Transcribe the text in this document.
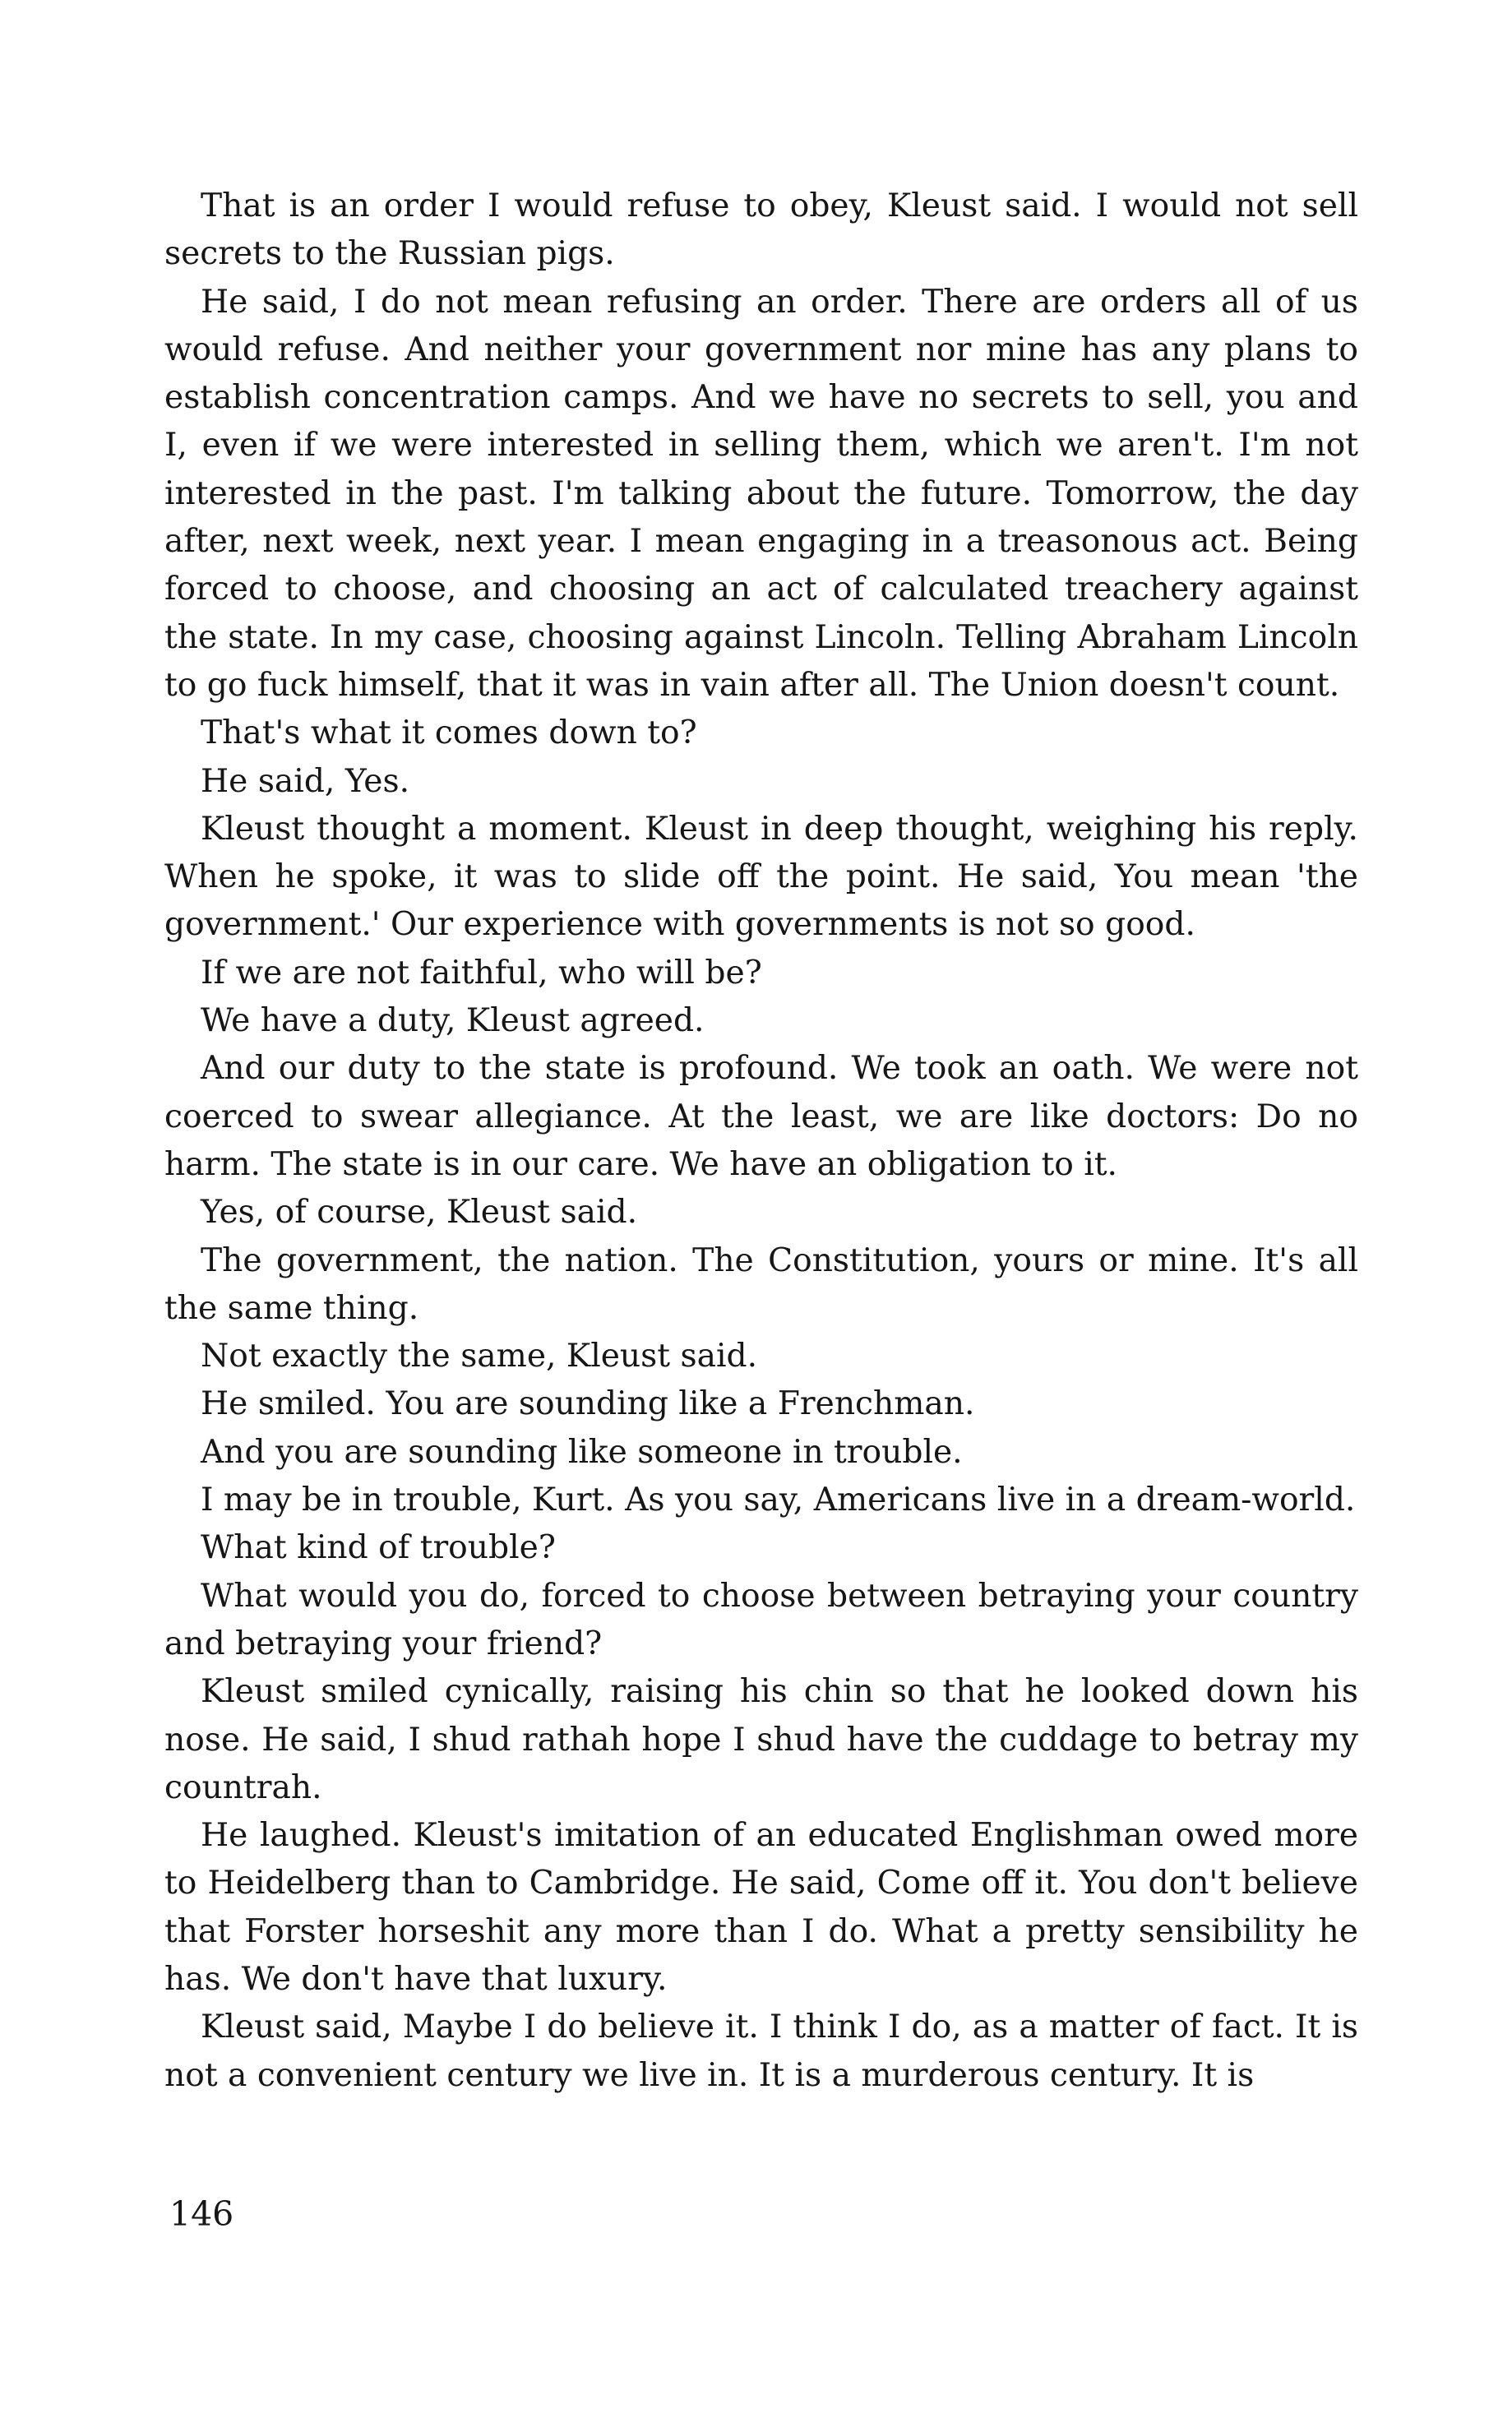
That is an order I would refuse to obey, Kleust said. I would not sell secrets to the Russian pigs.

He said, I do not mean refusing an order. There are orders all of us would refuse. And neither your government nor mine has any plans to establish concentration camps. And we have no secrets to sell, you and I, even if we were interested in selling them, which we aren't. I'm not interested in the past. I'm talking about the future. Tomorrow, the day after, next week, next year. I mean engaging in a treasonous act. Being forced to choose, and choosing an act of calculated treachery against the state. In my case, choosing against Lincoln. Telling Abraham Lincoln to go fuck himself, that it was in vain after all. The Union doesn't count.

That's what it comes down to?

He said, Yes.

Kleust thought a moment. Kleust in deep thought, weighing his reply. When he spoke, it was to slide off the point. He said, You mean 'the government.' Our experience with governments is not so good.

If we are not faithful, who will be?

We have a duty, Kleust agreed.

And our duty to the state is profound. We took an oath. We were not coerced to swear allegiance. At the least, we are like doctors: Do no harm. The state is in our care. We have an obligation to it.

Yes, of course, Kleust said.

The government, the nation. The Constitution, yours or mine. It's all the same thing.

Not exactly the same, Kleust said.

He smiled. You are sounding like a Frenchman.

And you are sounding like someone in trouble.

I may be in trouble, Kurt. As you say, Americans live in a dream-world.

What kind of trouble?

What would you do, forced to choose between betraying your country and betraying your friend?

Kleust smiled cynically, raising his chin so that he looked down his nose. He said, I shud rathah hope I shud have the cuddage to betray my countrah.

He laughed. Kleust's imitation of an educated Englishman owed more to Heidelberg than to Cambridge. He said, Come off it. You don't believe that Forster horseshit any more than I do. What a pretty sensibility he has. We don't have that luxury.

Kleust said, Maybe I do believe it. I think I do, as a matter of fact. It is not a convenient century we live in. It is a murderous century. It is

146
